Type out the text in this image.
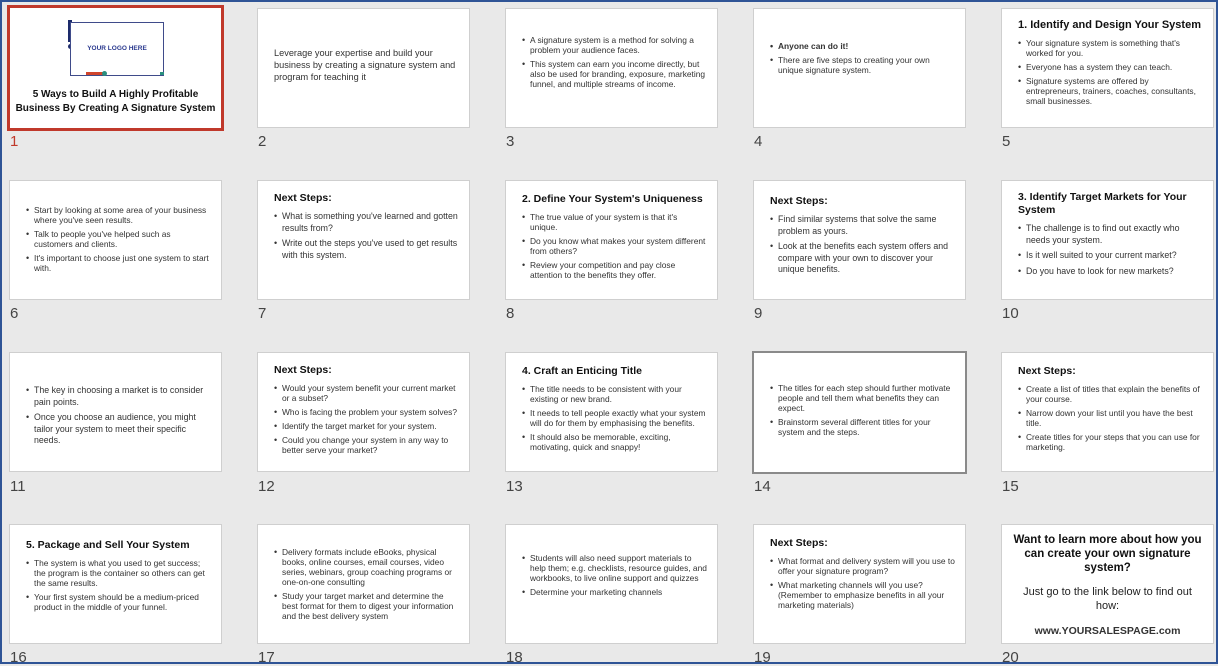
YOUR LOGO HERE
5 Ways to Build A Highly Profitable
Business By Creating A Signature System
1
Leverage your expertise and build your business by creating a signature system and program for teaching it
2
• A signature system is a method for solving a problem your audience faces.
• This system can earn you income directly, but also be used for branding, exposure, marketing funnel, and multiple streams of income.
3
• Anyone can do it!
• There are five steps to creating your own unique signature system.
4
1. Identify and Design Your System
• Your signature system is something that's worked for you.
• Everyone has a system they can teach.
• Signature systems are offered by entrepreneurs, trainers, coaches, consultants, small businesses.
5
• Start by looking at some area of your business where you've seen results.
• Talk to people you've helped such as customers and clients.
• It's important to choose just one system to start with.
6
Next Steps:
• What is something you've learned and gotten results from?
• Write out the steps you've used to get results with this system.
7
2. Define Your System's Uniqueness
• The true value of your system is that it's unique.
• Do you know what makes your system different from others?
• Review your competition and pay close attention to the benefits they offer.
8
Next Steps:
• Find similar systems that solve the same problem as yours.
• Look at the benefits each system offers and compare with your own to discover your unique benefits.
9
3. Identify Target Markets for Your System
• The challenge is to find out exactly who needs your system.
• Is it well suited to your current market?
• Do you have to look for new markets?
10
• The key in choosing a market is to consider pain points.
• Once you choose an audience, you might tailor your system to meet their specific needs.
11
Next Steps:
• Would your system benefit your current market or a subset?
• Who is facing the problem your system solves?
• Identify the target market for your system.
• Could you change your system in any way to better serve your market?
12
4. Craft an Enticing Title
• The title needs to be consistent with your existing or new brand.
• It needs to tell people exactly what your system will do for them by emphasising the benefits.
• It should also be memorable, exciting, motivating, quick and snappy!
13
• The titles for each step should further motivate people and tell them what benefits they can expect.
• Brainstorm several different titles for your system and the steps.
14
Next Steps:
• Create a list of titles that explain the benefits of your course.
• Narrow down your list until you have the best title.
• Create titles for your steps that you can use for marketing.
15
5. Package and Sell Your System
• The system is what you used to get success; the program is the container so others can get the same results.
• Your first system should be a medium-priced product in the middle of your funnel.
16
• Delivery formats include eBooks, physical books, online courses, email courses, video series, webinars, group coaching programs or one-on-one consulting
• Study your target market and determine the best format for them to digest your information and the best delivery system
17
• Students will also need support materials to help them; e.g. checklists, resource guides, and workbooks, to live online support and quizzes
• Determine your marketing channels
18
Next Steps:
• What format and delivery system will you use to offer your signature program?
• What marketing channels will you use? (Remember to emphasize benefits in all your marketing materials)
19
Want to learn more about how you can create your own signature system?
Just go to the link below to find out how:
www.YOURSALESPAGE.com
20
